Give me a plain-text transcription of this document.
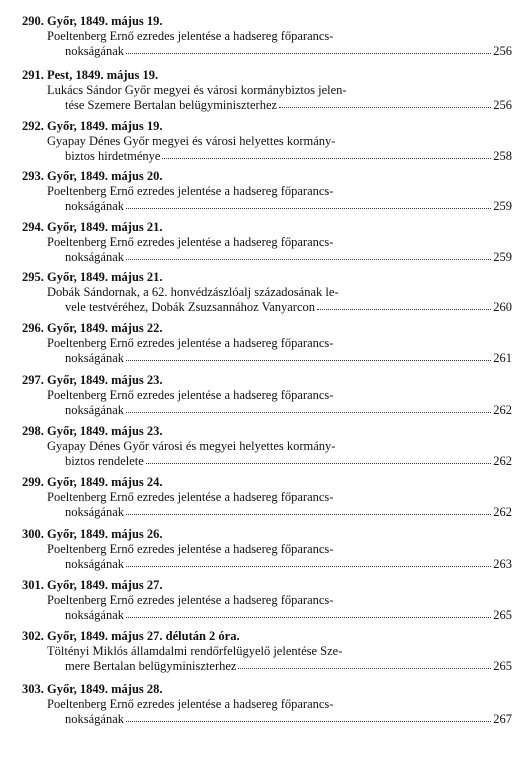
290. Győr, 1849. május 19.
Poeltenberg Ernő ezredes jelentése a hadsereg főparancs-
nokságának	256
291. Pest, 1849. május 19.
Lukács Sándor Győr megyei és városi kormánybiztos jelen-
tése Szemere Bertalan belügyminiszterhez	256
292. Győr, 1849. május 19.
Gyapay Dénes Győr megyei és városi helyettes kormány-
biztos hirdetménye	258
293. Győr, 1849. május 20.
Poeltenberg Ernő ezredes jelentése a hadsereg főparancs-
nokságának	259
294. Győr, 1849. május 21.
Poeltenberg Ernő ezredes jelentése a hadsereg főparancs-
nokságának	259
295. Győr, 1849. május 21.
Dobák Sándornak, a 62. honvédzászlóalj századosának le-
vele testvéréhez, Dobák Zsuzsannához Vanyarcon	260
296. Győr, 1849. május 22.
Poeltenberg Ernő ezredes jelentése a hadsereg főparancs-
nokságának	261
297. Győr, 1849. május 23.
Poeltenberg Ernő ezredes jelentése a hadsereg főparancs-
nokságának	262
298. Győr, 1849. május 23.
Gyapay Dénes Győr városi és megyei helyettes kormány-
biztos rendelete	262
299. Győr, 1849. május 24.
Poeltenberg Ernő ezredes jelentése a hadsereg főparancs-
nokságának	262
300. Győr, 1849. május 26.
Poeltenberg Ernő ezredes jelentése a hadsereg főparancs-
nokságának	263
301. Győr, 1849. május 27.
Poeltenberg Ernő ezredes jelentése a hadsereg főparancs-
nokságának	265
302. Győr, 1849. május 27. délután 2 óra.
Töltényi Miklós államdalmi rendőrfelügyelő jelentése Sze-
mere Bertalan belügyminiszterhez	265
303. Győr, 1849. május 28.
Poeltenberg Ernő ezredes jelentése a hadsereg főparancs-
nokságának	267
